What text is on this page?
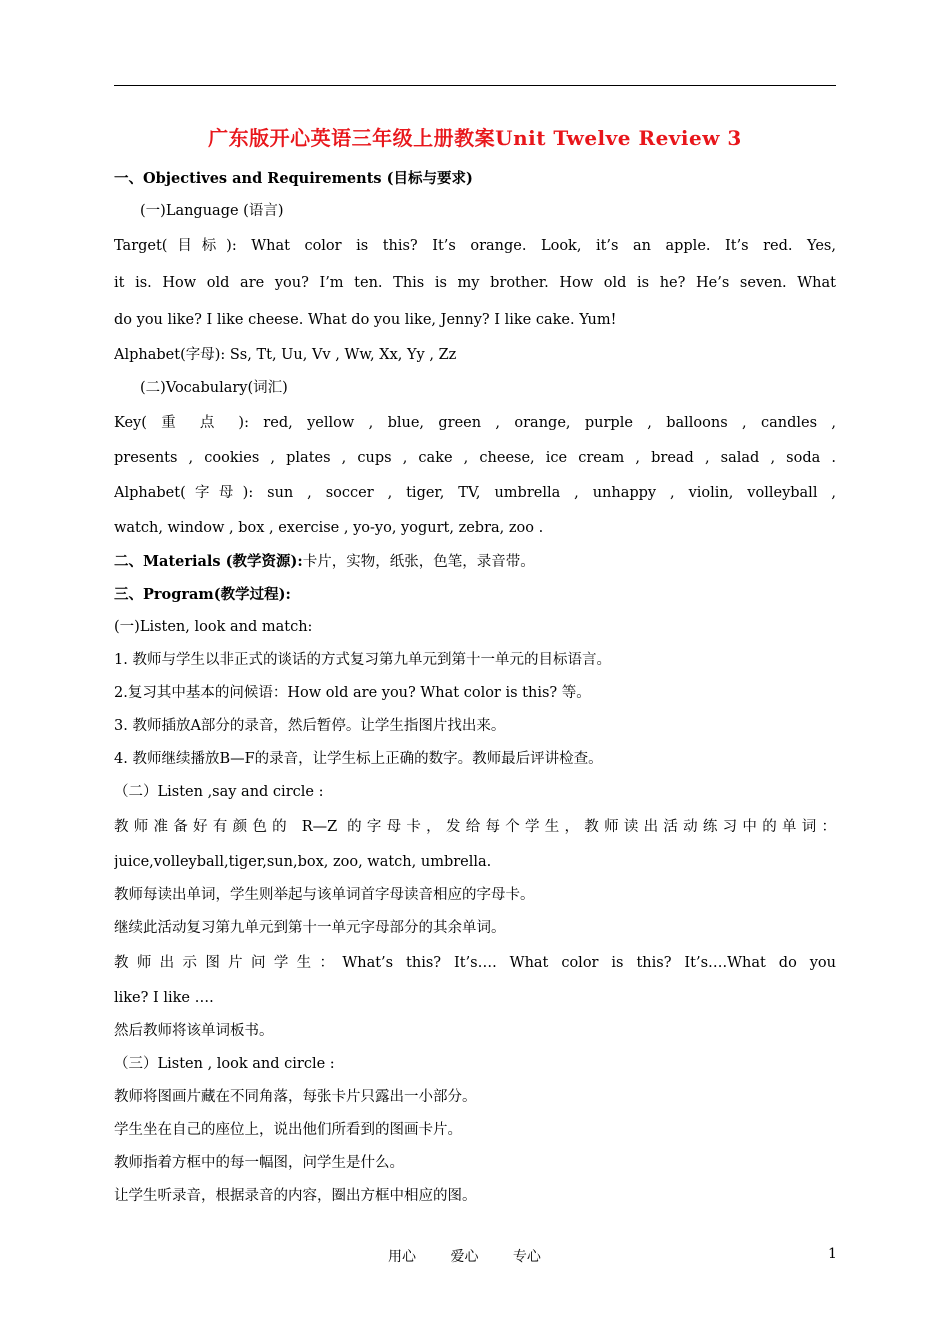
广东版开心英语三年级上册教案Unit Twelve Review 3
一、Objectives and Requirements (目标与要求)
(一)Language (语言)
Target(目标): What color is this? It’s orange. Look, it’s an apple. It’s red. Yes,
it is. How old are you? I’m ten. This is my brother. How old is he? He’s seven. What
do you like? I like cheese. What do you like, Jenny? I like cake. Yum!
Alphabet(字母): Ss, Tt, Uu, Vv , Ww, Xx, Yy , Zz
(二)Vocabulary(词汇)
Key( 重 点 ): red, yellow , blue, green , orange, purple , balloons , candles ,
presents , cookies , plates , cups , cake , cheese, ice cream , bread , salad , soda .
Alphabet(字母): sun , soccer , tiger, TV, umbrella , unhappy , violin, volleyball ,
watch, window , box , exercise , yo-yo, yogurt, zebra, zoo .
二、Materials (教学资源):卡片，实物，纸张，色笔，录音带。
三、Program(教学过程):
(一)Listen, look and match:
1. 教师与学生以非正式的谈话的方式复习第九单元到第十一单元的目标语言。
2.复习其中基本的问候语：How old are you? What color is this? 等。
3. 教师插放A部分的录音，然后暂停。让学生指图片找出来。
4. 教师继续播放B—F的录音，让学生标上正确的数字。教师最后评讲检查。
（二）Listen ,say and circle :
教师准备好有颜色的 R—Z 的字母卡，发给每个学生，教师读出活动练习中的单词：
juice,volleyball,tiger,sun,box, zoo, watch, umbrella.
教师每读出单词，学生则举起与该单词首字母读音相应的字母卡。
继续此活动复习第九单元到第十一单元字母部分的其余单词。
教师出示图片问学生：What’s this? It’s…. What color is this? It’s….What do you
like? I like ….
然后教师将该单词板书。
（三）Listen , look and circle :
教师将图画片藏在不同角落，每张卡片只露出一小部分。
学生坐在自己的座位上，说出他们所看到的图画卡片。
教师指着方框中的每一幅图，问学生是什么。
让学生听录音，根据录音的内容，圈出方框中相应的图。
用心 爱心 专心	1
